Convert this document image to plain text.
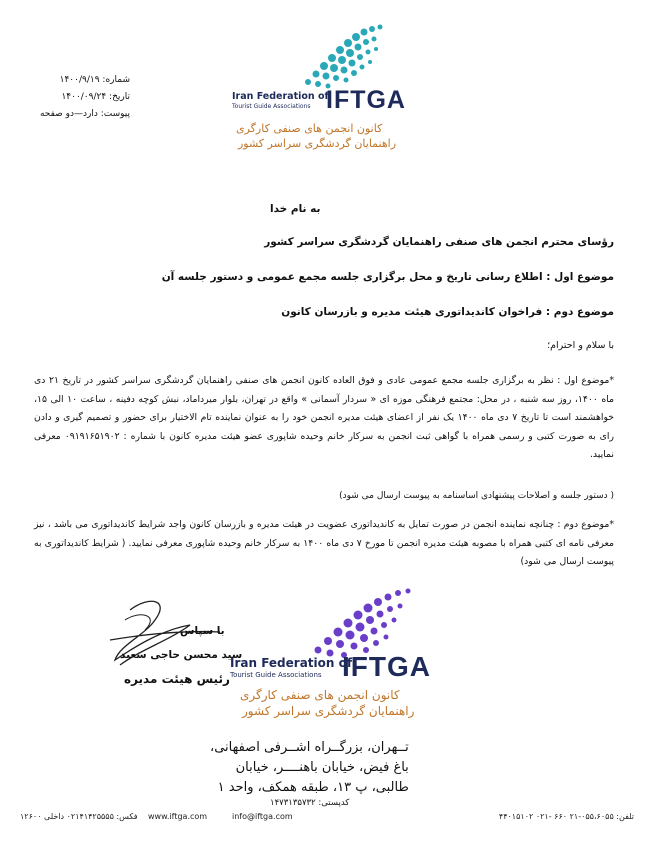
Iran Federation of
Tourist Guide Associations IFTGA
کانون انجمن های صنفی کارگری
راهنمایان گردشگری سراسر کشور
شماره: ۱۴۰۰/۹/۱۹
تاریخ: ۱۴۰۰/۰۹/۲۴
پیوست: دارد—دو صفحه
به نام خدا
رؤسای محترم انجمن های صنفی راهنمایان گردشگری سراسر کشور
موضوع اول : اطلاع رسانی تاریخ و محل برگزاری جلسه مجمع عمومی و دستور جلسه آن
موضوع دوم : فراخوان کاندیداتوری هیئت مدیره و بازرسان کانون
با سلام و احترام؛
*موضوع اول : نظر به برگزاری جلسه مجمع عمومی عادی و فوق العاده کانون انجمن های صنفی راهنمایان گردشگری سراسر کشور در تاریخ ۲۱ دی ماه ۱۴۰۰، روز سه شنبه ، در محل: مجتمع فرهنگی موزه ای « سردار آسمانی » واقع در تهران، بلوار میرداماد، نبش کوچه دفینه ، ساعت ۱۰ الی ۱۵، خواهشمند است تا تاریخ ۷ دی ماه ۱۴۰۰ یک نفر از اعضای هیئت مدیره انجمن خود را به عنوان نماینده تام الاختیار برای حضور و تصمیم گیری و دادن رای به صورت کتبی و رسمی همراه با گواهی ثبت انجمن به سرکار خانم وحیده شاپوری عضو هیئت مدیره کانون با شماره : ۰۹۱۹۱۶۵۱۹۰۲ معرفی نمایید.
( دستور جلسه و اصلاحات پیشنهادی اساسنامه به پیوست ارسال می شود)
*موضوع دوم : چنانچه نماینده انجمن در صورت تمایل به کاندیداتوری عضویت در هیئت مدیره و بازرسان کانون واجد شرایط کاندیداتوری می باشد ، نیز معرفی نامه ای کتبی همراه با مصوبه هیئت مدیره انجمن تا مورخ ۷ دی ماه ۱۴۰۰ به سرکار خانم وحیده شاپوری معرفی نمایید. ( شرایط کاندیداتوری به پیوست ارسال می شود)
با سپاس
سید محسن حاجی سعید
رئیس هیئت مدیره
Iran Federation of
Tourist Guide Associations IFTGA
کانون انجمن های صنفی کارگری
راهنمایان گردشگری سراسر کشور
تــهران، بزرگــراه اشــرفی اصفهانی،
باغ فیض، خیابان باهنــــر، خیابان
طالبی، پ ۱۳، طبقه همکف، واحد ۱
کدپستی: ۱۴۷۳۱۳۵۷۳۲
تلفن: ۰۵۵،۶۰۵۵-۲۱ ۶۶۰ -۰۲۱ ۴۴۰۱۵۱۰۲
info@iftga.com
www.iftga.com
فکس: ۰۲۱۴۱۴۲۵۵۵۵ داخلی ۱۲۶۰۰
